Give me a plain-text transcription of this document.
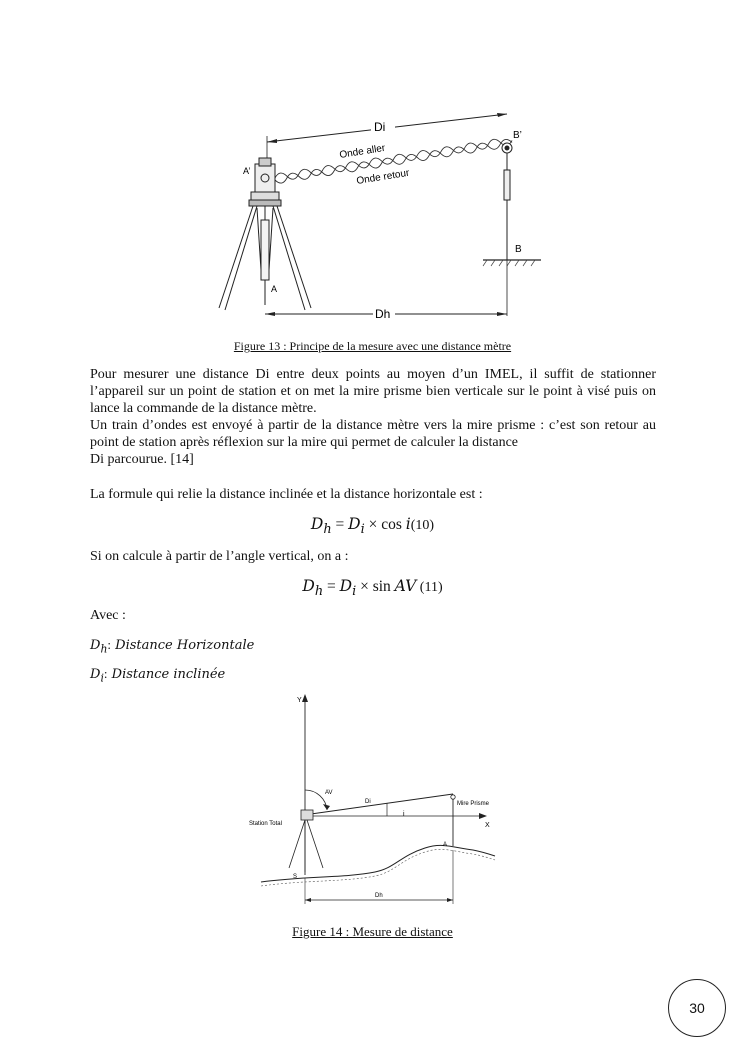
Di
Onde aller
Onde retour
A’
A
B’
B
Dh
Figure 13 : Principe de la mesure avec une distance mètre

Pour mesurer une distance Di entre deux points au moyen d’un IMEL, il suffit de stationner l’appareil sur un point de station et on met la mire prisme bien verticale sur le point à visé puis on lance la commande de la distance mètre.

Un train d’ondes est envoyé à partir de la distance mètre vers la mire prisme : c’est son retour au point de station après réflexion sur la mire qui permet de calculer la distance

Di parcourue. [14]

La formule qui relie la distance inclinée et la distance horizontale est :
$D_h = D_i \times \cos i(10)$
Si on calcule à partir de l’angle vertical, on a :
$D_h = D_i \times \sin$ AV (11)
Avec :
$D_h$: Distance Horizontale
$D_i$: Distance inclinée
Y
X
AV
Di
i
Mire Prisme
Station Total
S
A
Dh
Figure 14 : Mesure de distance
30
